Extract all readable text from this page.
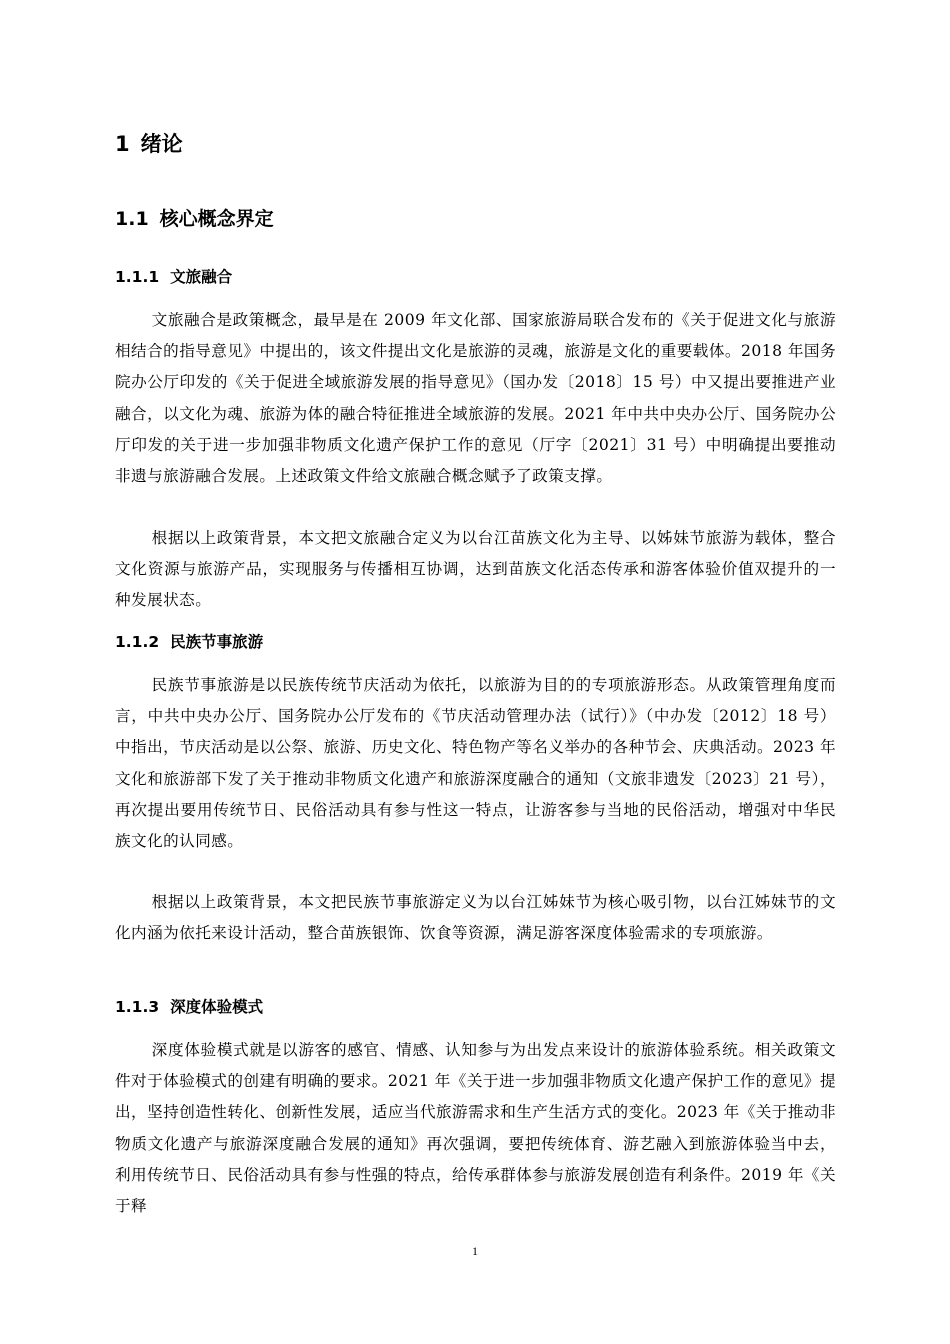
1 绪论
1.1 核心概念界定
1.1.1 文旅融合

文旅融合是政策概念，最早是在 2009 年文化部、国家旅游局联合发布的《关于促进文化与旅游相结合的指导意见》中提出的，该文件提出文化是旅游的灵魂，旅游是文化的重要载体。2018 年国务院办公厅印发的《关于促进全域旅游发展的指导意见》（国办发〔2018〕15 号）中又提出要推进产业融合，以文化为魂、旅游为体的融合特征推进全域旅游的发展。2021 年中共中央办公厅、国务院办公厅印发的关于进一步加强非物质文化遗产保护工作的意见（厅字〔2021〕31 号）中明确提出要推动非遗与旅游融合发展。上述政策文件给文旅融合概念赋予了政策支撑。

根据以上政策背景，本文把文旅融合定义为以台江苗族文化为主导、以姊妹节旅游为载体，整合文化资源与旅游产品，实现服务与传播相互协调，达到苗族文化活态传承和游客体验价值双提升的一种发展状态。

1.1.2 民族节事旅游

民族节事旅游是以民族传统节庆活动为依托，以旅游为目的的专项旅游形态。从政策管理角度而言，中共中央办公厅、国务院办公厅发布的《节庆活动管理办法（试行）》（中办发〔2012〕18 号）中指出，节庆活动是以公祭、旅游、历史文化、特色物产等名义举办的各种节会、庆典活动。2023 年文化和旅游部下发了关于推动非物质文化遗产和旅游深度融合的通知（文旅非遗发〔2023〕21 号），再次提出要用传统节日、民俗活动具有参与性这一特点，让游客参与当地的民俗活动，增强对中华民族文化的认同感。

根据以上政策背景，本文把民族节事旅游定义为以台江姊妹节为核心吸引物，以台江姊妹节的文化内涵为依托来设计活动，整合苗族银饰、饮食等资源，满足游客深度体验需求的专项旅游。

1.1.3 深度体验模式

深度体验模式就是以游客的感官、情感、认知参与为出发点来设计的旅游体验系统。相关政策文件对于体验模式的创建有明确的要求。2021 年《关于进一步加强非物质文化遗产保护工作的意见》提出，坚持创造性转化、创新性发展，适应当代旅游需求和生产生活方式的变化。2023 年《关于推动非物质文化遗产与旅游深度融合发展的通知》再次强调，要把传统体育、游艺融入到旅游体验当中去，利用传统节日、民俗活动具有参与性强的特点，给传承群体参与旅游发展创造有利条件。2019 年《关于释

1
